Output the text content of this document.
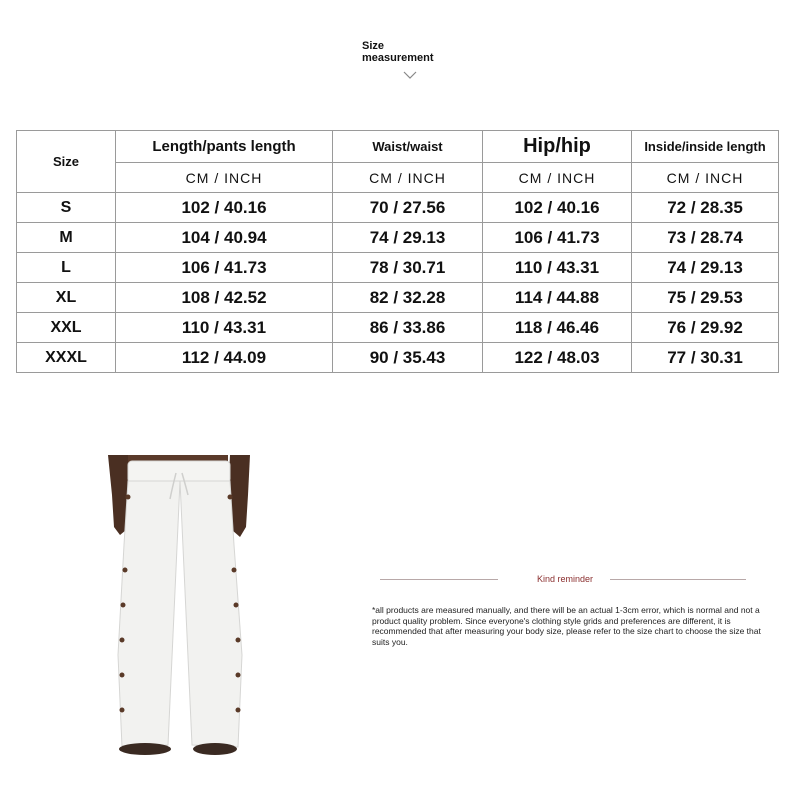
Size
measurement
Size	Length/pants length	Waist/waist	Hip/hip	Inside/inside length
	CM / INCH	CM / INCH	CM / INCH	CM / INCH
S	102 / 40.16	70 / 27.56	102 / 40.16	72 / 28.35
M	104 / 40.94	74 / 29.13	106 / 41.73	73 / 28.74
L	106 / 41.73	78 / 30.71	110 / 43.31	74 / 29.13
XL	108 / 42.52	82 / 32.28	114 / 44.88	75 / 29.53
XXL	110 / 43.31	86 / 33.86	118 / 46.46	76 / 29.92
XXXL	112 / 44.09	90 / 35.43	122 / 48.03	77 / 30.31
Kind reminder
*all products are measured manually, and there will be an actual 1-3cm error, which is normal and not a product quality problem. Since everyone's clothing style grids and preferences are different, it is recommended that after measuring your body size, please refer to the size chart to choose the size that suits you.
